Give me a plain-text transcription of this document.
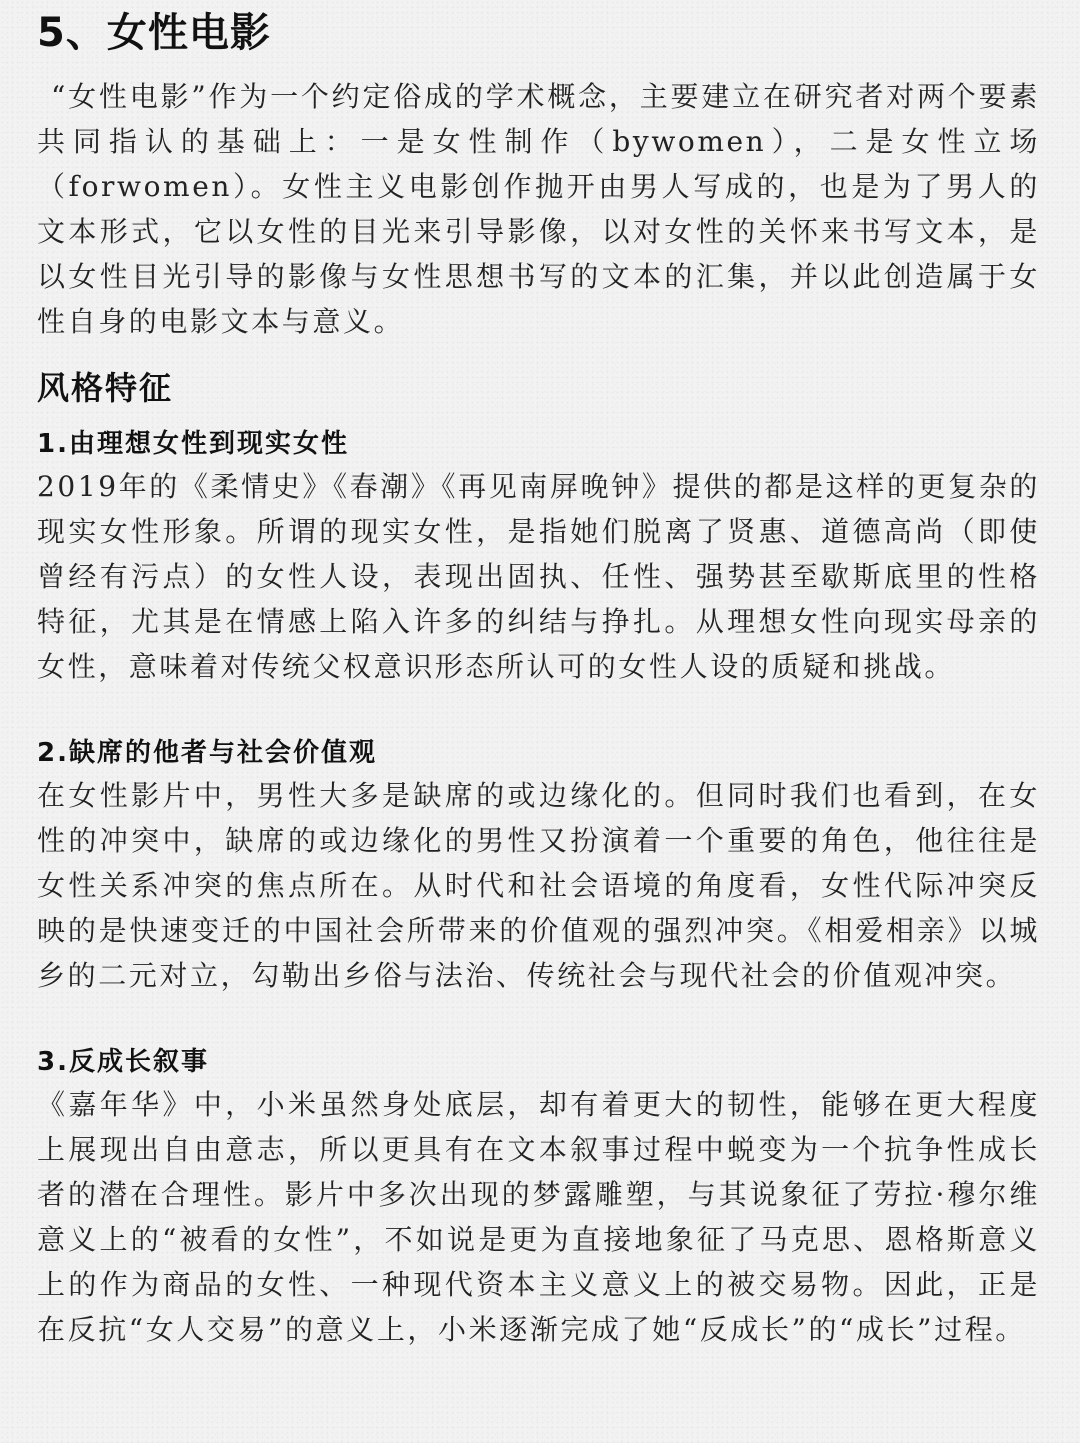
5、女性电影

“女性电影”作为一个约定俗成的学术概念，主要建立在研究者对两个要素共同指认的基础上：一是女性制作（bywomen），二是女性立场（forwomen）。女性主义电影创作抛开由男人写成的，也是为了男人的文本形式，它以女性的目光来引导影像，以对女性的关怀来书写文本，是以女性目光引导的影像与女性思想书写的文本的汇集，并以此创造属于女性自身的电影文本与意义。

风格特征
1.由理想女性到现实女性

2019年的《柔情史》《春潮》《再见南屏晚钟》提供的都是这样的更复杂的现实女性形象。所谓的现实女性，是指她们脱离了贤惠、道德高尚（即使曾经有污点）的女性人设，表现出固执、任性、强势甚至歇斯底里的性格特征，尤其是在情感上陷入许多的纠结与挣扎。从理想女性向现实母亲的女性，意味着对传统父权意识形态所认可的女性人设的质疑和挑战。

2.缺席的他者与社会价值观

在女性影片中，男性大多是缺席的或边缘化的。但同时我们也看到，在女性的冲突中，缺席的或边缘化的男性又扮演着一个重要的角色，他往往是女性关系冲突的焦点所在。从时代和社会语境的角度看，女性代际冲突反映的是快速变迁的中国社会所带来的价值观的强烈冲突。《相爱相亲》以城乡的二元对立，勾勒出乡俗与法治、传统社会与现代社会的价值观冲突。

3.反成长叙事

《嘉年华》中，小米虽然身处底层，却有着更大的韧性，能够在更大程度上展现出自由意志，所以更具有在文本叙事过程中蜕变为一个抗争性成长者的潜在合理性。影片中多次出现的梦露雕塑，与其说象征了劳拉·穆尔维意义上的“被看的女性”，不如说是更为直接地象征了马克思、恩格斯意义上的作为商品的女性、一种现代资本主义意义上的被交易物。因此，正是在反抗“女人交易”的意义上，小米逐渐完成了她“反成长”的“成长”过程。
